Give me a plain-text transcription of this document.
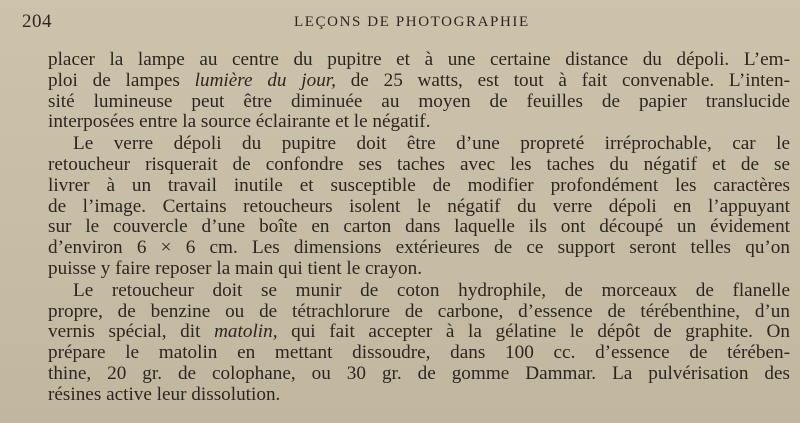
204	LEÇONS DE PHOTOGRAPHIE

placer la lampe au centre du pupitre et à une certaine distance du dépoli. L’em-
ploi de lampes lumière du jour, de 25 watts, est tout à fait convenable. L’inten-
sité lumineuse peut être diminuée au moyen de feuilles de papier translucide
interposées entre la source éclairante et le négatif.

Le verre dépoli du pupitre doit être d’une propreté irréprochable, car le
retoucheur risquerait de confondre ses taches avec les taches du négatif et de se
livrer à un travail inutile et susceptible de modifier profondément les caractères
de l’image. Certains retoucheurs isolent le négatif du verre dépoli en l’appuyant
sur le couvercle d’une boîte en carton dans laquelle ils ont découpé un évidement
d’environ 6 × 6 cm. Les dimensions extérieures de ce support seront telles qu’on
puisse y faire reposer la main qui tient le crayon.

Le retoucheur doit se munir de coton hydrophile, de morceaux de flanelle
propre, de benzine ou de tétrachlorure de carbone, d’essence de térébenthine, d’un
vernis spécial, dit matolin, qui fait accepter à la gélatine le dépôt de graphite. On
prépare le matolin en mettant dissoudre, dans 100 cc. d’essence de térében-
thine, 20 gr. de colophane, ou 30 gr. de gomme Dammar. La pulvérisation des
résines active leur dissolution.
